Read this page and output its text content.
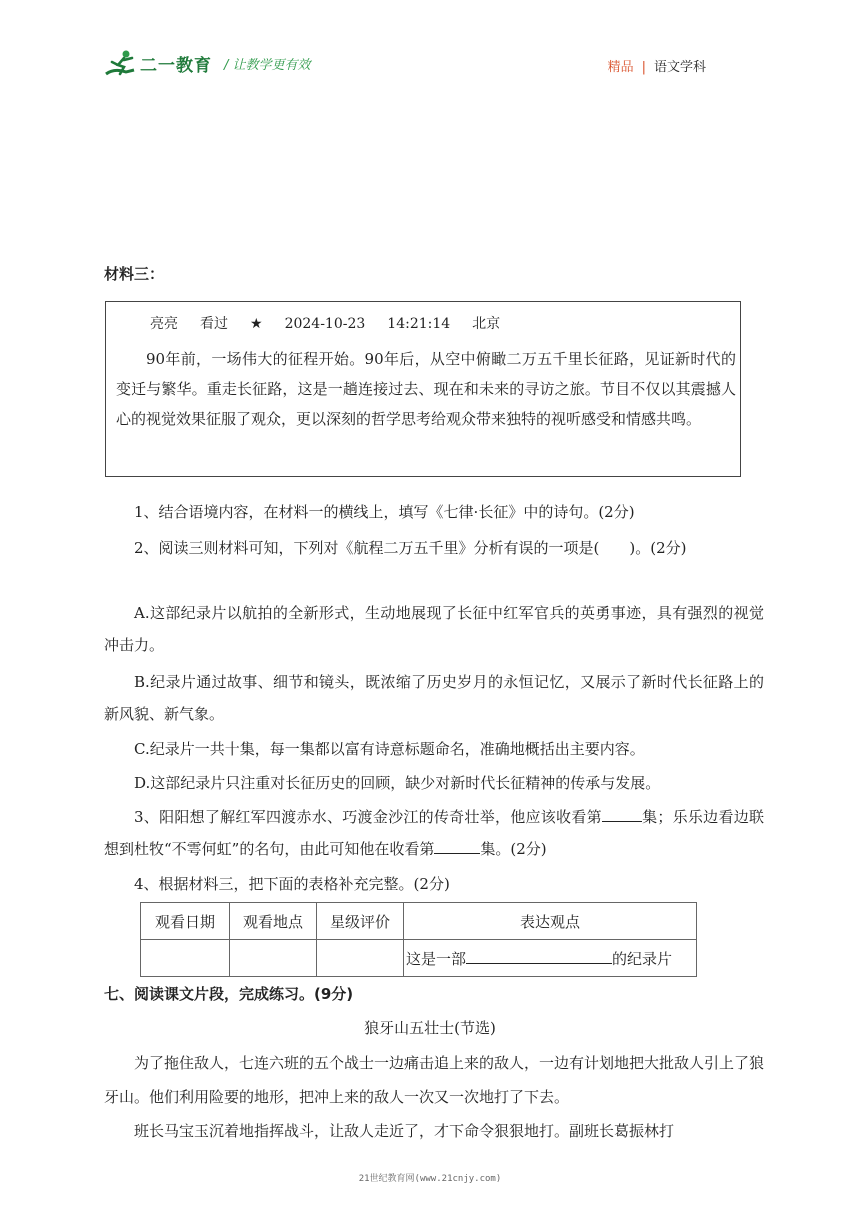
二一教育 / 让教学更有效	精品 | 语文学科
材料三：
亮亮 看过 ★ 2024-10-23 14:21:14 北京
90年前，一场伟大的征程开始。90年后，从空中俯瞰二万五千里长征路，见证新时代的变迁与繁华。重走长征路，这是一趟连接过去、现在和未来的寻访之旅。节目不仅以其震撼人心的视觉效果征服了观众，更以深刻的哲学思考给观众带来独特的视听感受和情感共鸣。
1、结合语境内容，在材料一的横线上，填写《七律·长征》中的诗句。(2分)
2、阅读三则材料可知，下列对《航程二万五千里》分析有误的一项是(　　)。(2分)
A.这部纪录片以航拍的全新形式，生动地展现了长征中红军官兵的英勇事迹，具有强烈的视觉冲击力。
B.纪录片通过故事、细节和镜头，既浓缩了历史岁月的永恒记忆，又展示了新时代长征路上的新风貌、新气象。
C.纪录片一共十集，每一集都以富有诗意标题命名，准确地概括出主要内容。
D.这部纪录片只注重对长征历史的回顾，缺少对新时代长征精神的传承与发展。
3、阳阳想了解红军四渡赤水、巧渡金沙江的传奇壮举，他应该收看第	集；乐乐边看边联想到杜牧“不雩何虹”的名句，由此可知他在收看第	集。(2分)
4、根据材料三，把下面的表格补充完整。(2分)
观看日期	观看地点	星级评价	表达观点
			这是一部 的纪录片
七、阅读课文片段，完成练习。(9分)
狼牙山五壮士(节选)
为了拖住敌人，七连六班的五个战士一边痛击追上来的敌人，一边有计划地把大批敌人引上了狼牙山。他们利用险要的地形，把冲上来的敌人一次又一次地打了下去。
班长马宝玉沉着地指挥战斗，让敌人走近了，才下命令狠狠地打。副班长葛振林打
21世纪教育网(www.21cnjy.com)
